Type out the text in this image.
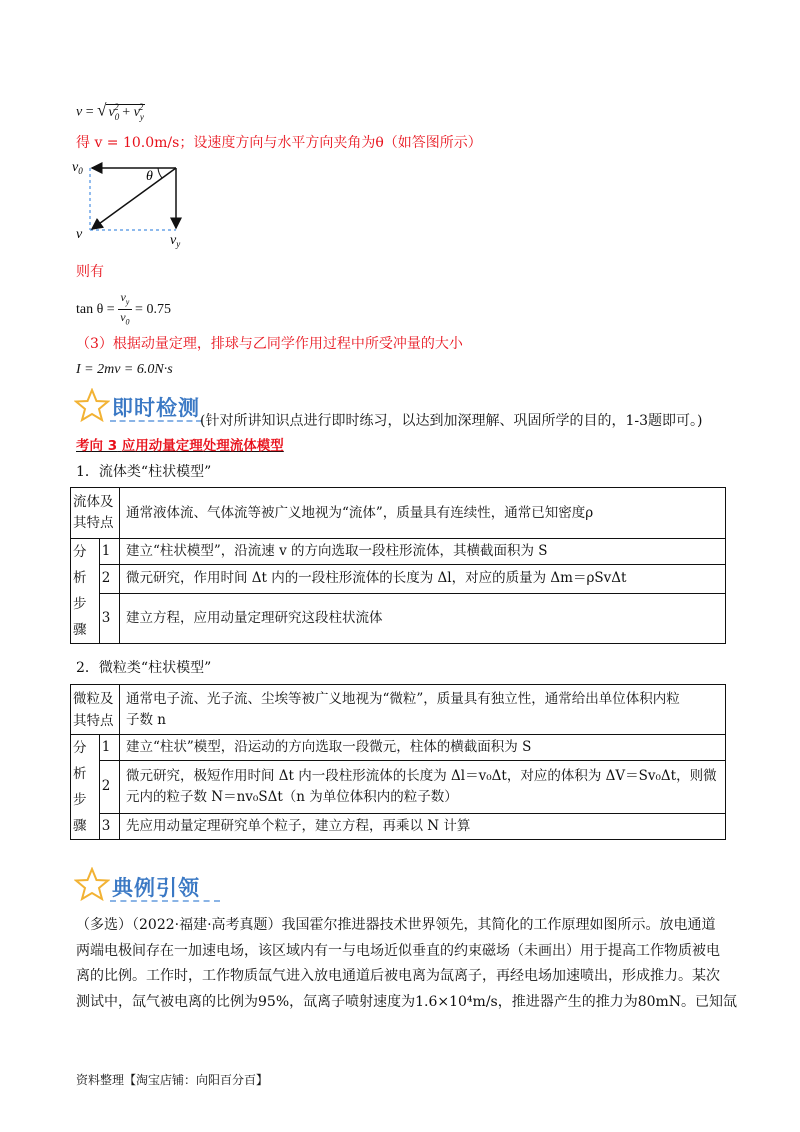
v = √ $v_0^2 + v_y^2$
得 v = 10.0m/s；设速度方向与水平方向夹角为θ（如答图所示）
$v_0$	θ
v	$v_y$
则有
$\tan \theta = \frac{v_y}{v_0} = 0.75$
（3）根据动量定理，排球与乙同学作用过程中所受冲量的大小
I = 2mv = 6.0N·s
即时检测
(针对所讲知识点进行即时练习，以达到加深理解、巩固所学的目的，1-3题即可。)
考向 3 应用动量定理处理流体模型
1．流体类“柱状模型”
流体及其特点		通常液体流、气体流等被广义地视为“流体”，质量具有连续性，通常已知密度ρ

分析步骤	1	建立“柱状模型”，沿流速 v 的方向选取一段柱形流体，其横截面积为 S
	2	微元研究，作用时间 Δt 内的一段柱形流体的长度为 Δl，对应的质量为 Δm＝ρSvΔt
	3	建立方程，应用动量定理研究这段柱状流体
2．微粒类“柱状模型”
微粒及其特点		通常电子流、光子流、尘埃等被广义地视为“微粒”，质量具有独立性，通常给出单位体积内粒
子数 n

分析步骤	1	建立“柱状”模型，沿运动的方向选取一段微元，柱体的横截面积为 S
	2	微元研究，极短作用时间 Δt 内一段柱形流体的长度为 Δl＝v₀Δt，对应的体积为 ΔV＝Sv₀Δt，则微
元内的粒子数 N＝nv₀SΔt（n 为单位体积内的粒子数）

	3	先应用动量定理研究单个粒子，建立方程，再乘以 N 计算
典例引领
（多选）（2022·福建·高考真题）我国霍尔推进器技术世界领先，其简化的工作原理如图所示。放电通道
两端电极间存在一加速电场，该区域内有一与电场近似垂直的约束磁场（未画出）用于提高工作物质被电
离的比例。工作时，工作物质氙气进入放电通道后被电离为氙离子，再经电场加速喷出，形成推力。某次
测试中，氙气被电离的比例为95%，氙离子喷射速度为1.6×10⁴m/s，推进器产生的推力为80mN。已知氙
资料整理【淘宝店铺：向阳百分百】
